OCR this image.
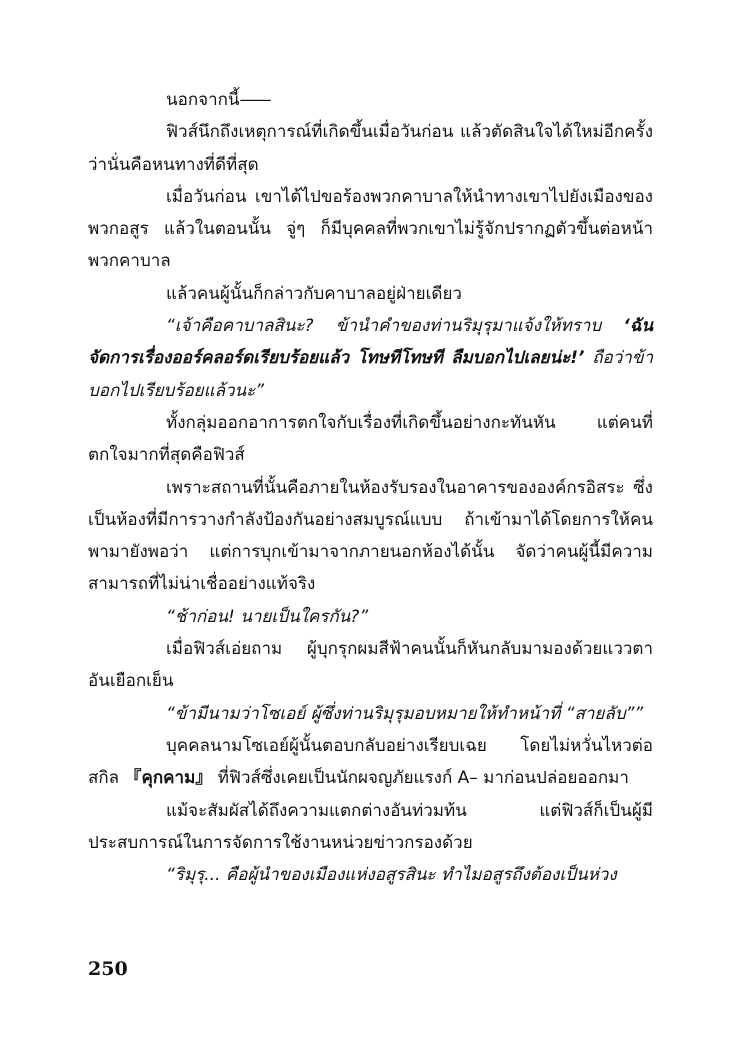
นอกจากนี้——

ฟิวส์นึกถึงเหตุการณ์ที่เกิดขึ้นเมื่อวันก่อน แล้วตัดสินใจได้ใหม่อีกครั้งว่านั่นคือหนทางที่ดีที่สุด

เมื่อวันก่อน เขาได้ไปขอร้องพวกคาบาลให้นำทางเขาไปยังเมืองของพวกอสูร แล้วในตอนนั้น จู่ๆ ก็มีบุคคลที่พวกเขาไม่รู้จักปรากฏตัวขึ้นต่อหน้าพวกคาบาล

แล้วคนผู้นั้นก็กล่าวกับคาบาลอยู่ฝ่ายเดียว

“เจ้าคือคาบาลสินะ? ข้านำคำของท่านริมุรุมาแจ้งให้ทราบ ‘ฉันจัดการเรื่องออร์คลอร์ดเรียบร้อยแล้ว โทษทีโทษที ลืมบอกไปเลยน่ะ!’ ถือว่าข้าบอกไปเรียบร้อยแล้วนะ”

ทั้งกลุ่มออกอาการตกใจกับเรื่องที่เกิดขึ้นอย่างกะทันหัน แต่คนที่ตกใจมากที่สุดคือฟิวส์

เพราะสถานที่นั้นคือภายในห้องรับรองในอาคารขององค์กรอิสระ ซึ่งเป็นห้องที่มีการวางกำลังป้องกันอย่างสมบูรณ์แบบ ถ้าเข้ามาได้โดยการให้คนพามายังพอว่า แต่การบุกเข้ามาจากภายนอกห้องได้นั้น จัดว่าคนผู้นี้มีความสามารถที่ไม่น่าเชื่ออย่างแท้จริง

“ช้าก่อน! นายเป็นใครกัน?”

เมื่อฟิวส์เอ่ยถาม ผู้บุกรุกผมสีฟ้าคนนั้นก็หันกลับมามองด้วยแววตาอันเยือกเย็น

“ข้ามีนามว่าโซเอย์ ผู้ซึ่งท่านริมุรุมอบหมายให้ทำหน้าที่ “สายลับ””

บุคคลนามโซเอย์ผู้นั้นตอบกลับอย่างเรียบเฉย โดยไม่หวั่นไหวต่อสกิล 『คุกคาม』 ที่ฟิวส์ซึ่งเคยเป็นนักผจญภัยแรงก์ A– มาก่อนปล่อยออกมา

แม้จะสัมผัสได้ถึงความแตกต่างอันท่วมท้น แต่ฟิวส์ก็เป็นผู้มีประสบการณ์ในการจัดการใช้งานหน่วยข่าวกรองด้วย

“ริมุรุ... คือผู้นำของเมืองแห่งอสูรสินะ ทำไมอสูรถึงต้องเป็นห่วง

250
